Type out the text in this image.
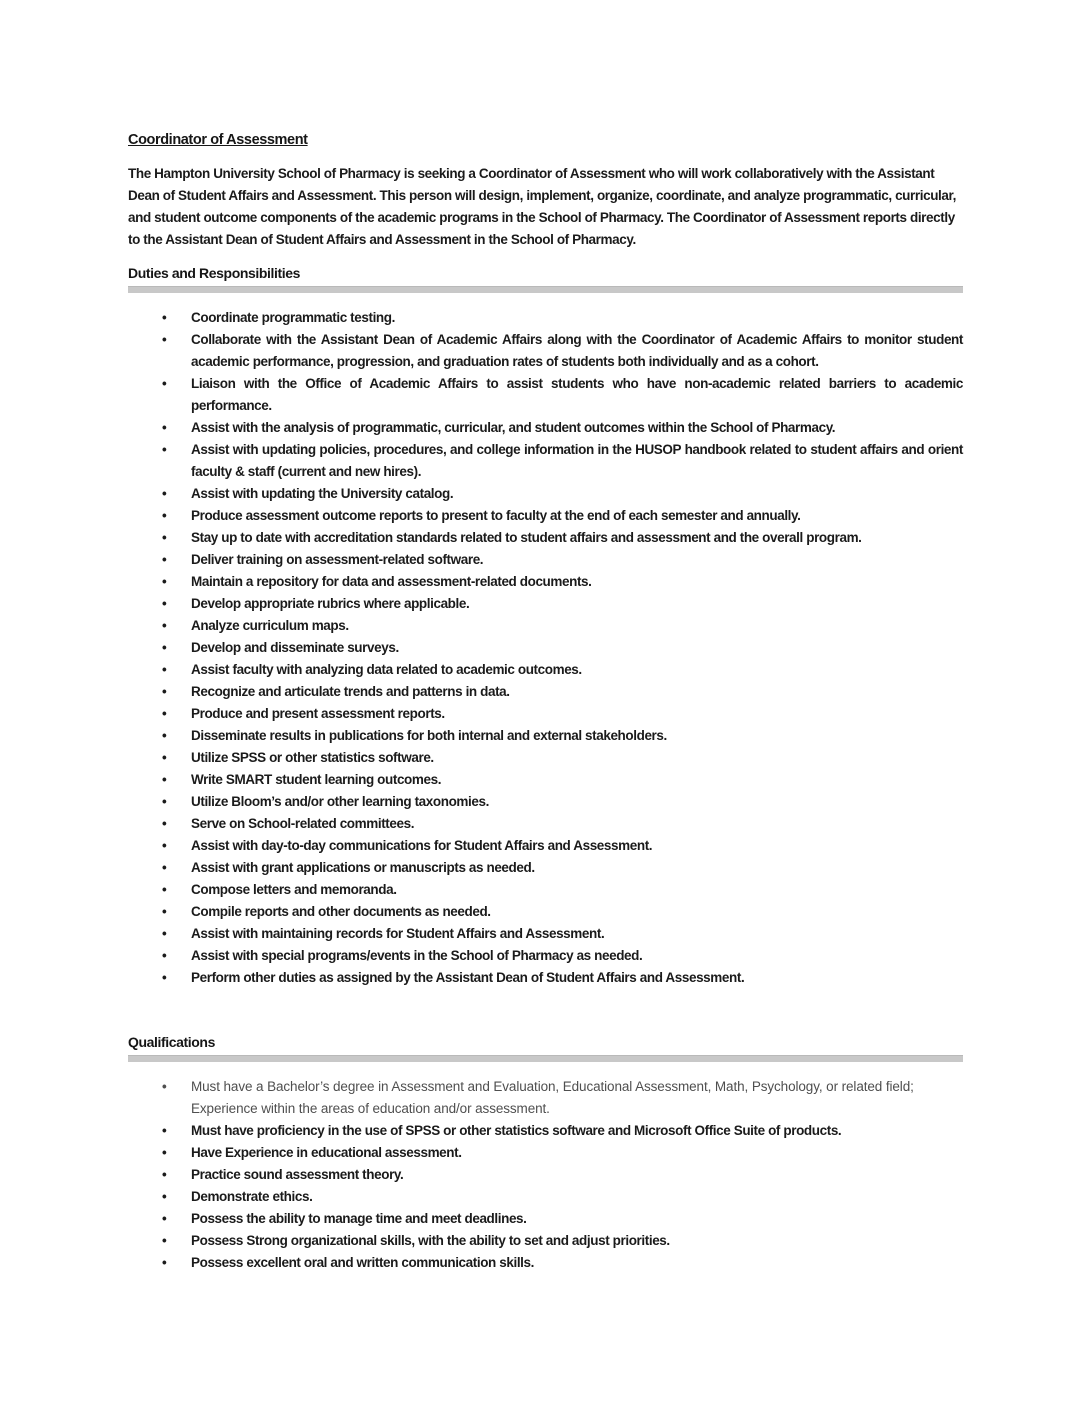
Coordinator of Assessment

The Hampton University School of Pharmacy is seeking a Coordinator of Assessment who will work collaboratively with the Assistant Dean of Student Affairs and Assessment. This person will design, implement, organize, coordinate, and analyze programmatic, curricular, and student outcome components of the academic programs in the School of Pharmacy. The Coordinator of Assessment reports directly to the Assistant Dean of Student Affairs and Assessment in the School of Pharmacy.

Duties and Responsibilities
• Coordinate programmatic testing.
• Collaborate with the Assistant Dean of Academic Affairs along with the Coordinator of Academic Affairs to monitor student academic performance, progression, and graduation rates of students both individually and as a cohort.
• Liaison with the Office of Academic Affairs to assist students who have non-academic related barriers to academic performance.
• Assist with the analysis of programmatic, curricular, and student outcomes within the School of Pharmacy.
• Assist with updating policies, procedures, and college information in the HUSOP handbook related to student affairs and orient faculty & staff (current and new hires).
• Assist with updating the University catalog.
• Produce assessment outcome reports to present to faculty at the end of each semester and annually.
• Stay up to date with accreditation standards related to student affairs and assessment and the overall program.
• Deliver training on assessment-related software.
• Maintain a repository for data and assessment-related documents.
• Develop appropriate rubrics where applicable.
• Analyze curriculum maps.
• Develop and disseminate surveys.
• Assist faculty with analyzing data related to academic outcomes.
• Recognize and articulate trends and patterns in data.
• Produce and present assessment reports.
• Disseminate results in publications for both internal and external stakeholders.
• Utilize SPSS or other statistics software.
• Write SMART student learning outcomes.
• Utilize Bloom’s and/or other learning taxonomies.
• Serve on School-related committees.
• Assist with day-to-day communications for Student Affairs and Assessment.
• Assist with grant applications or manuscripts as needed.
• Compose letters and memoranda.
• Compile reports and other documents as needed.
• Assist with maintaining records for Student Affairs and Assessment.
• Assist with special programs/events in the School of Pharmacy as needed.
• Perform other duties as assigned by the Assistant Dean of Student Affairs and Assessment.
Qualifications
• Must have a Bachelor’s degree in Assessment and Evaluation, Educational Assessment, Math, Psychology, or related field; Experience within the areas of education and/or assessment.
• Must have proficiency in the use of SPSS or other statistics software and Microsoft Office Suite of products.
• Have Experience in educational assessment.
• Practice sound assessment theory.
• Demonstrate ethics.
• Possess the ability to manage time and meet deadlines.
• Possess Strong organizational skills, with the ability to set and adjust priorities.
• Possess excellent oral and written communication skills.
